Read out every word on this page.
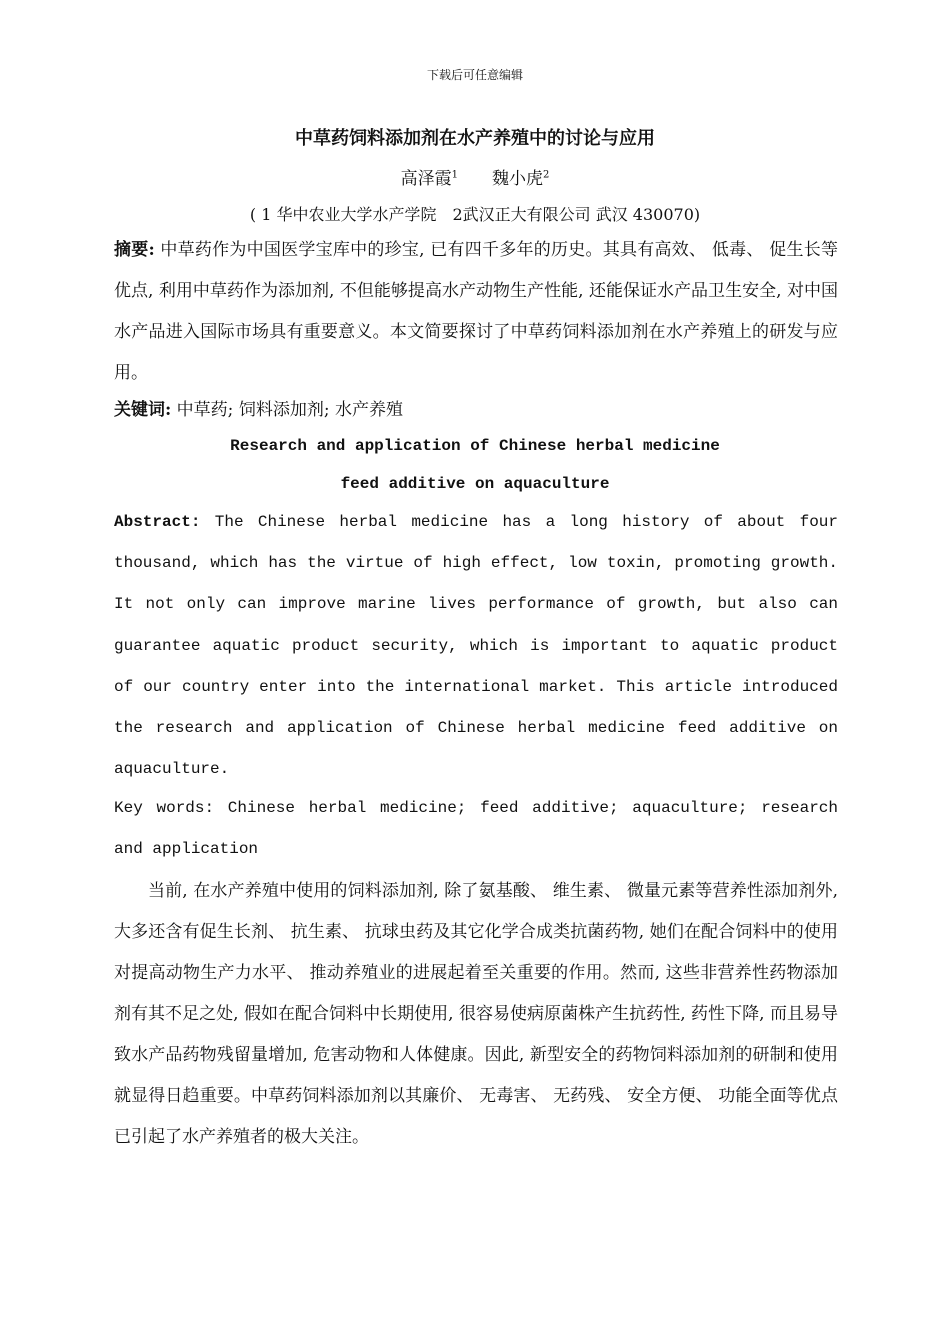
下载后可任意编辑
中草药饲料添加剂在水产养殖中的讨论与应用
高泽霞$^1$ 魏小虎$^2$
( 1 华中农业大学水产学院　2武汉正大有限公司 武汉 430070)
摘要: 中草药作为中国医学宝库中的珍宝, 已有四千多年的历史。其具有高效、 低毒、 促生长等优点, 利用中草药作为添加剂, 不但能够提高水产动物生产性能, 还能保证水产品卫生安全, 对中国水产品进入国际市场具有重要意义。本文简要探讨了中草药饲料添加剂在水产养殖上的研发与应用。
关键词: 中草药; 饲料添加剂; 水产养殖
Research and application of Chinese herbal medicine
feed additive on aquaculture
Abstract: The Chinese herbal medicine has a long history of about four thousand, which has the virtue of high effect, low toxin, promoting growth. It not only can improve marine lives performance of growth, but also can guarantee aquatic product security, which is important to aquatic product of our country enter into the international market. This article introduced the research and application of Chinese herbal medicine feed additive on aquaculture.
Key words: Chinese herbal medicine; feed additive; aquaculture; research and application
当前, 在水产养殖中使用的饲料添加剂, 除了氨基酸、 维生素、 微量元素等营养性添加剂外, 大多还含有促生长剂、 抗生素、 抗球虫药及其它化学合成类抗菌药物, 她们在配合饲料中的使用对提高动物生产力水平、 推动养殖业的进展起着至关重要的作用。然而, 这些非营养性药物添加剂有其不足之处, 假如在配合饲料中长期使用, 很容易使病原菌株产生抗药性, 药性下降, 而且易导致水产品药物残留量增加, 危害动物和人体健康。因此, 新型安全的药物饲料添加剂的研制和使用就显得日趋重要。中草药饲料添加剂以其廉价、 无毒害、 无药残、 安全方便、 功能全面等优点已引起了水产养殖者的极大关注。
